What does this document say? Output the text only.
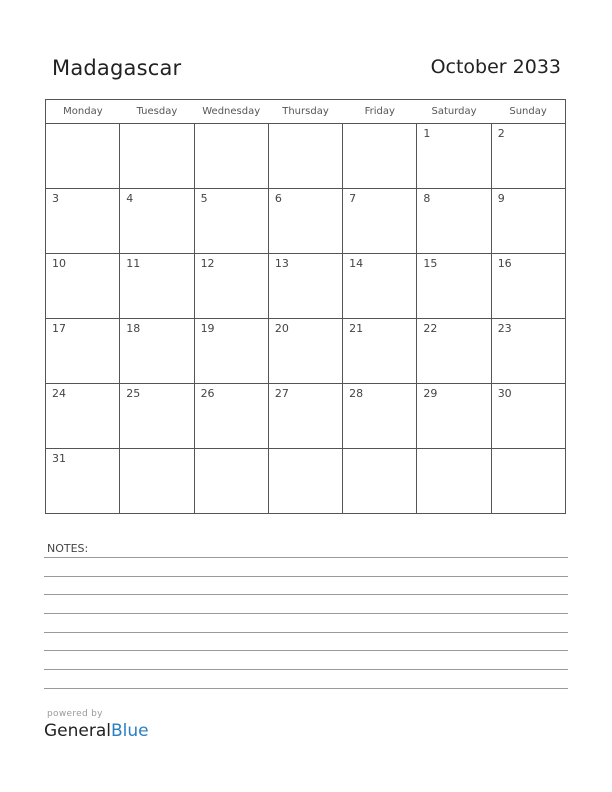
Madagascar	October 2033
Monday	Tuesday	Wednesday	Thursday	Friday	Saturday	Sunday

					1	2

3	4	5	6	7	8	9

10	11	12	13	14	15	16

17	18	19	20	21	22	23

24	25	26	27	28	29	30

31						

NOTES:
powered by
GeneralBlue
